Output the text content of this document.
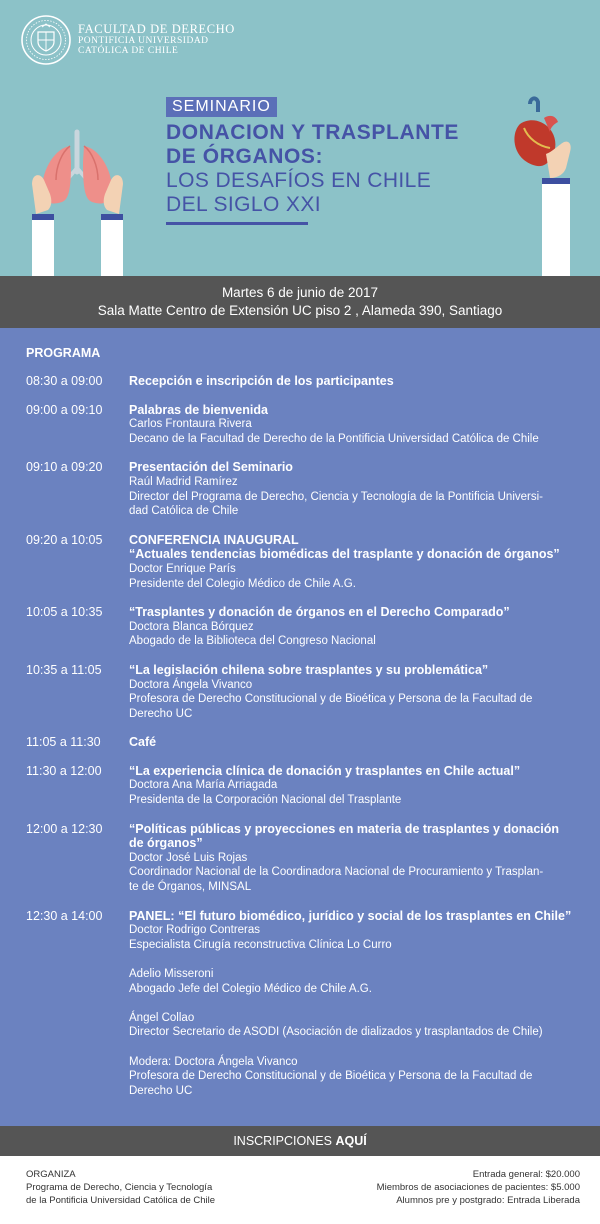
FACULTAD DE DERECHO
PONTIFICIA UNIVERSIDAD
CATÓLICA DE CHILE
SEMINARIO
DONACION Y TRASPLANTE
DE ÓRGANOS:
LOS DESAFÍOS EN CHILE
DEL SIGLO XXI
Martes 6 de junio de 2017
Sala Matte Centro de Extensión UC piso 2 , Alameda 390, Santiago
PROGRAMA
08:30 a 09:00	Recepción e inscripción de los participantes
09:00 a 09:10	Palabras de bienvenida
Carlos Frontaura Rivera
Decano de la Facultad de Derecho de la Pontificia Universidad Católica de Chile
09:10 a 09:20	Presentación del Seminario
Raúl Madrid Ramírez
Director del Programa de Derecho, Ciencia y Tecnología de la Pontificia Universi-
dad Católica de Chile
09:20 a 10:05	CONFERENCIA INAUGURAL
“Actuales tendencias biomédicas del trasplante y donación de órganos”
Doctor Enrique París
Presidente del Colegio Médico de Chile A.G.
10:05 a 10:35	“Trasplantes y donación de órganos en el Derecho Comparado”
Doctora Blanca Bórquez
Abogado de la Biblioteca del Congreso Nacional
10:35 a 11:05	“La legislación chilena sobre trasplantes y su problemática”
Doctora Ángela Vivanco
Profesora de Derecho Constitucional y de Bioética y Persona de la Facultad de
Derecho UC
11:05 a 11:30	Café
11:30 a 12:00	“La experiencia clínica de donación y trasplantes en Chile actual”
Doctora Ana María Arriagada
Presidenta de la Corporación Nacional del Trasplante
12:00 a 12:30	“Políticas públicas y proyecciones en materia de trasplantes y donación
de órganos”
Doctor José Luis Rojas
Coordinador Nacional de la Coordinadora Nacional de Procuramiento y Trasplan-
te de Órganos, MINSAL
12:30 a 14:00	PANEL: “El futuro biomédico, jurídico y social de los trasplantes en Chile”
Doctor Rodrigo Contreras
Especialista Cirugía reconstructiva Clínica Lo Curro
Adelio Misseroni
Abogado Jefe del Colegio Médico de Chile A.G.
Ángel Collao
Director Secretario de ASODI (Asociación de dializados y trasplantados de Chile)
Modera: Doctora Ángela Vivanco
Profesora de Derecho Constitucional y de Bioética y Persona de la Facultad de
Derecho UC
INSCRIPCIONES AQUÍ
ORGANIZA
Programa de Derecho, Ciencia y Tecnología
de la Pontificia Universidad Católica de Chile
Entrada general: $20.000
Miembros de asociaciones de pacientes: $5.000
Alumnos pre y postgrado: Entrada Liberada
